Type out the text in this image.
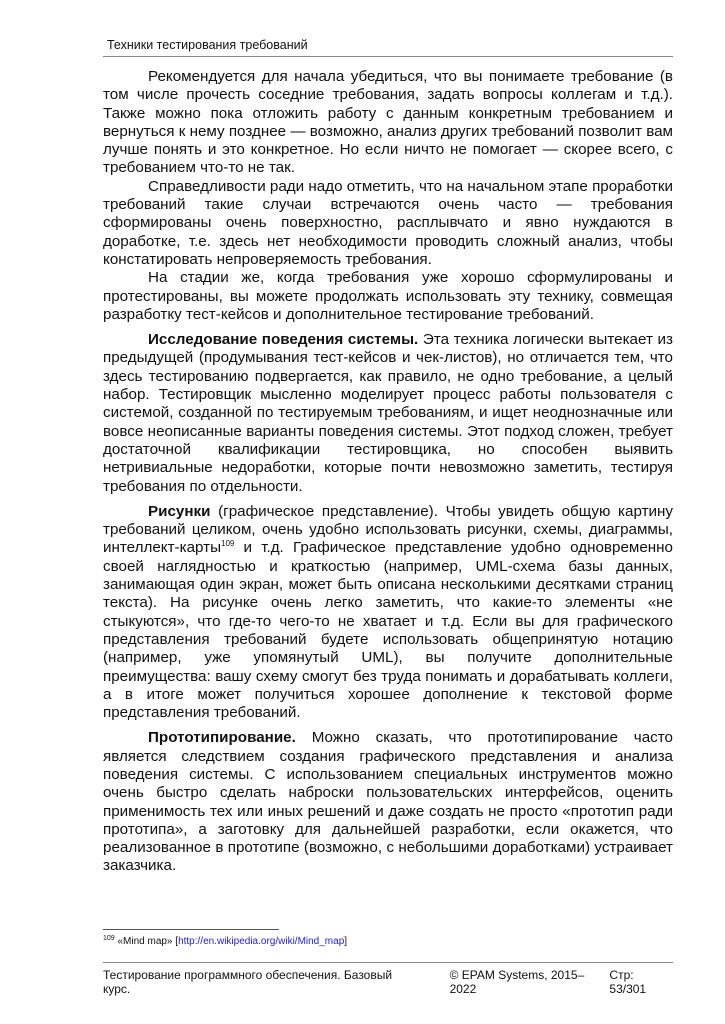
Техники тестирования требований

Рекомендуется для начала убедиться, что вы понимаете требование (в том числе прочесть соседние требования, задать вопросы коллегам и т.д.). Также можно пока отложить работу с данным конкретным требованием и вернуться к нему позднее — возможно, анализ других требований позволит вам лучше понять и это конкретное. Но если ничто не помогает — скорее всего, с требованием что-то не так.

Справедливости ради надо отметить, что на начальном этапе проработки требований такие случаи встречаются очень часто — требования сформированы очень поверхностно, расплывчато и явно нуждаются в доработке, т.е. здесь нет необходимости проводить сложный анализ, чтобы констатировать непроверяемость требования.

На стадии же, когда требования уже хорошо сформулированы и протестированы, вы можете продолжать использовать эту технику, совмещая разработку тест-кейсов и дополнительное тестирование требований.

Исследование поведения системы. Эта техника логически вытекает из предыдущей (продумывания тест-кейсов и чек-листов), но отличается тем, что здесь тестированию подвергается, как правило, не одно требование, а целый набор. Тестировщик мысленно моделирует процесс работы пользователя с системой, созданной по тестируемым требованиям, и ищет неоднозначные или вовсе неописанные варианты поведения системы. Этот подход сложен, требует достаточной квалификации тестировщика, но способен выявить нетривиальные недоработки, которые почти невозможно заметить, тестируя требования по отдельности.

Рисунки (графическое представление). Чтобы увидеть общую картину требований целиком, очень удобно использовать рисунки, схемы, диаграммы, интеллект-карты$^{109}$ и т.д. Графическое представление удобно одновременно своей наглядностью и краткостью (например, UML-схема базы данных, занимающая один экран, может быть описана несколькими десятками страниц текста). На рисунке очень легко заметить, что какие-то элементы «не стыкуются», что где-то чего-то не хватает и т.д. Если вы для графического представления требований будете использовать общепринятую нотацию (например, уже упомянутый UML), вы получите дополнительные преимущества: вашу схему смогут без труда понимать и дорабатывать коллеги, а в итоге может получиться хорошее дополнение к текстовой форме представления требований.

Прототипирование. Можно сказать, что прототипирование часто является следствием создания графического представления и анализа поведения системы. С использованием специальных инструментов можно очень быстро сделать наброски пользовательских интерфейсов, оценить применимость тех или иных решений и даже создать не просто «прототип ради прототипа», а заготовку для дальнейшей разработки, если окажется, что реализованное в прототипе (возможно, с небольшими доработками) устраивает заказчика.

$^{109}$ «Mind map» [http://en.wikipedia.org/wiki/Mind_map]
Тестирование программного обеспечения. Базовый курс.
© EPAM Systems, 2015–2022
Стр: 53/301
